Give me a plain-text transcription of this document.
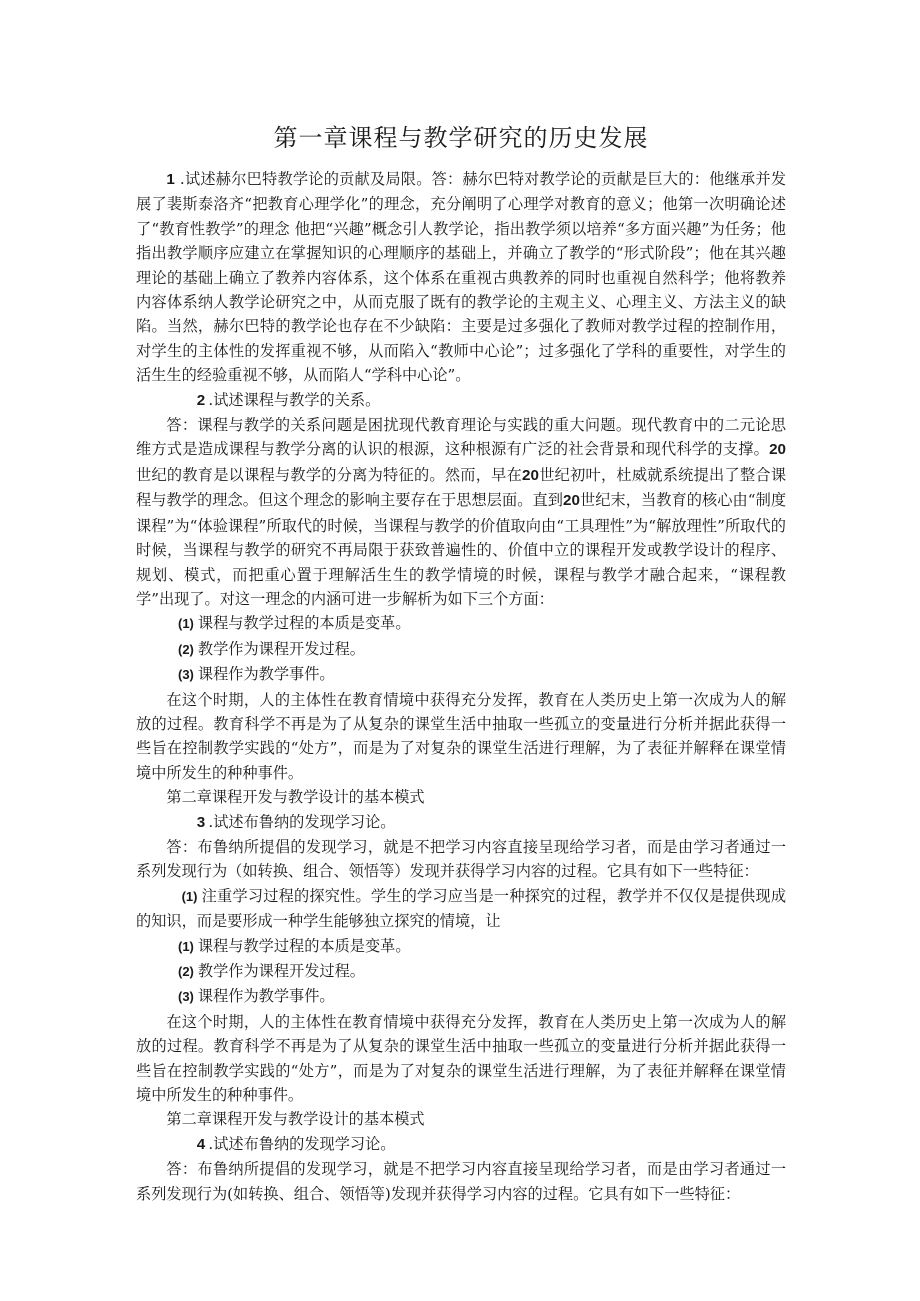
第一章课程与教学研究的历史发展

1 .试述赫尔巴特教学论的贡献及局限。答：赫尔巴特对教学论的贡献是巨大的：他继承并发展了裴斯泰洛齐“把教育心理学化”的理念，充分阐明了心理学对教育的意义；他第一次明确论述了“教育性教学”的理念 他把“兴趣”概念引人教学论，指出教学须以培养“多方面兴趣”为任务；他指出教学顺序应建立在掌握知识的心理顺序的基础上，并确立了教学的“形式阶段”；他在其兴趣理论的基础上确立了教养内容体系，这个体系在重视古典教养的同时也重视自然科学；他将教养内容体系纳人教学论研究之中，从而克服了既有的教学论的主观主义、心理主义、方法主义的缺陷。当然，赫尔巴特的教学论也存在不少缺陷：主要是过多强化了教师对教学过程的控制作用，对学生的主体性的发挥重视不够，从而陷入“教师中心论”；过多强化了学科的重要性，对学生的活生生的经验重视不够，从而陷人“学科中心论”。

2 .试述课程与教学的关系。

答：课程与教学的关系问题是困扰现代教育理论与实践的重大问题。现代教育中的二元论思维方式是造成课程与教学分离的认识的根源，这种根源有广泛的社会背景和现代科学的支撑。20世纪的教育是以课程与教学的分离为特征的。然而，早在20世纪初叶，杜威就系统提出了整合课程与教学的理念。但这个理念的影响主要存在于思想层面。直到20世纪末，当教育的核心由“制度课程”为“体验课程”所取代的时候，当课程与教学的价值取向由“工具理性”为“解放理性”所取代的时候，当课程与教学的研究不再局限于获致普遍性的、价值中立的课程开发或教学设计的程序、规划、模式，而把重心置于理解活生生的教学情境的时候，课程与教学才融合起来，“课程教学”出现了。对这一理念的内涵可进一步解析为如下三个方面：

(1) 课程与教学过程的本质是变革。

(2) 教学作为课程开发过程。

(3) 课程作为教学事件。

在这个时期，人的主体性在教育情境中获得充分发挥，教育在人类历史上第一次成为人的解放的过程。教育科学不再是为了从复杂的课堂生活中抽取一些孤立的变量进行分析并据此获得一些旨在控制教学实践的“处方”，而是为了对复杂的课堂生活进行理解，为了表征并解释在课堂情境中所发生的种种事件。

第二章课程开发与教学设计的基本模式

3 .试述布鲁纳的发现学习论。

答：布鲁纳所提倡的发现学习，就是不把学习内容直接呈现给学习者，而是由学习者通过一系列发现行为（如转换、组合、领悟等）发现并获得学习内容的过程。它具有如下一些特征：

(1) 注重学习过程的探究性。学生的学习应当是一种探究的过程，教学并不仅仅是提供现成的知识，而是要形成一种学生能够独立探究的情境，让

(1) 课程与教学过程的本质是变革。

(2) 教学作为课程开发过程。

(3) 课程作为教学事件。

在这个时期，人的主体性在教育情境中获得充分发挥，教育在人类历史上第一次成为人的解放的过程。教育科学不再是为了从复杂的课堂生活中抽取一些孤立的变量进行分析并据此获得一些旨在控制教学实践的“处方”，而是为了对复杂的课堂生活进行理解，为了表征并解释在课堂情境中所发生的种种事件。

第二章课程开发与教学设计的基本模式

4 .试述布鲁纳的发现学习论。

答：布鲁纳所提倡的发现学习，就是不把学习内容直接呈现给学习者，而是由学习者通过一系列发现行为(如转换、组合、领悟等)发现并获得学习内容的过程。它具有如下一些特征：
